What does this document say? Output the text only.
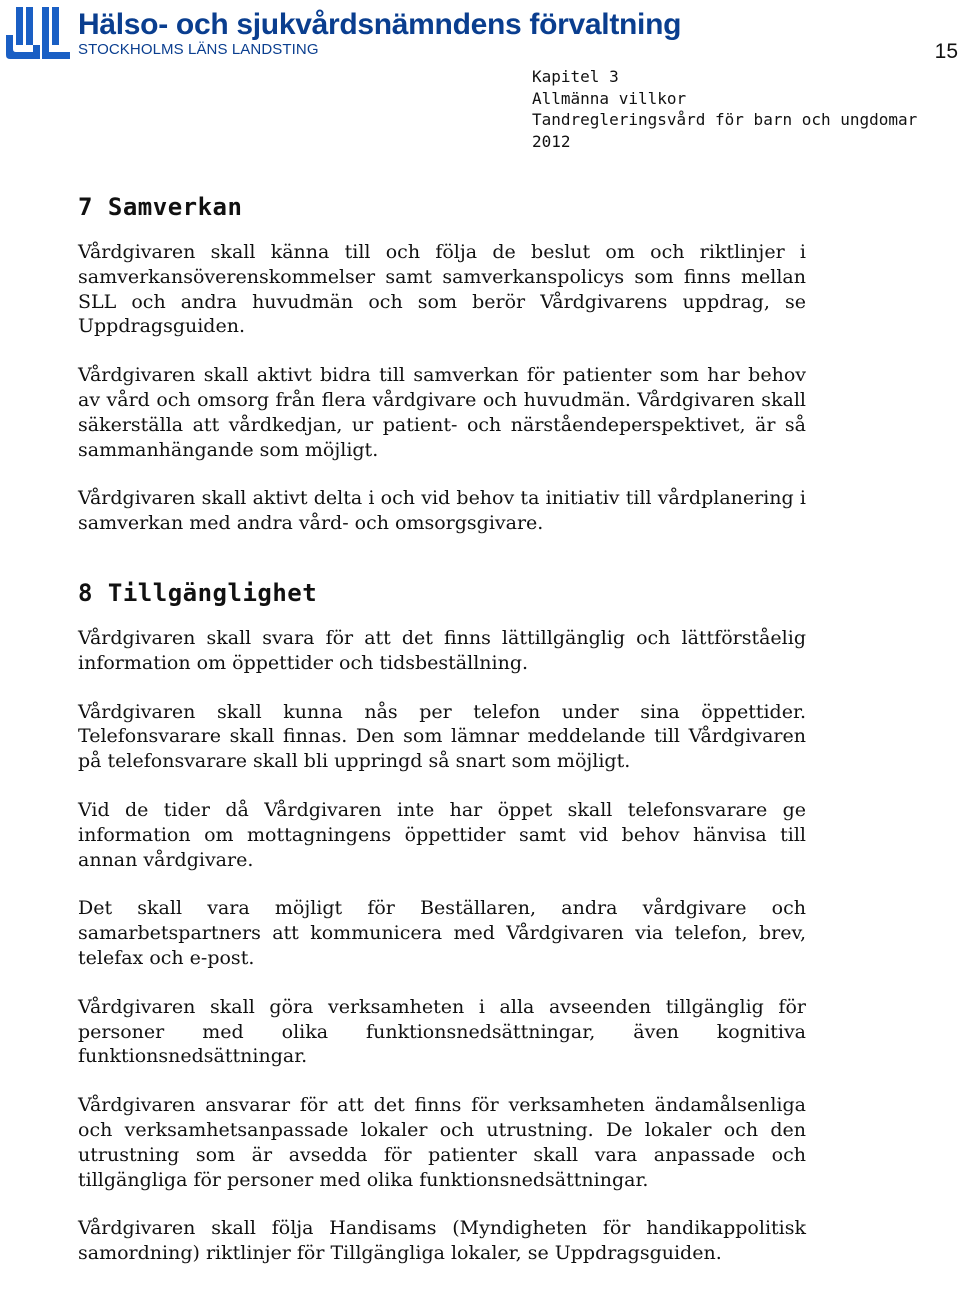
Hälso- och sjukvårdsnämndens förvaltning
STOCKHOLMS LÄNS LANDSTING	15
Kapitel 3
Allmänna villkor
Tandregleringsvård för barn och ungdomar
2012
7 Samverkan

Vårdgivaren skall känna till och följa de beslut om och riktlinjer i samverkansöverenskommelser samt samverkanspolicys som finns mellan SLL och andra huvudmän och som berör Vårdgivarens uppdrag, se Uppdragsguiden.

Vårdgivaren skall aktivt bidra till samverkan för patienter som har behov av vård och omsorg från flera vårdgivare och huvudmän. Vårdgivaren skall säkerställa att vårdkedjan, ur patient- och närståendeperspektivet, är så sammanhängande som möjligt.

Vårdgivaren skall aktivt delta i och vid behov ta initiativ till vårdplanering i samverkan med andra vård- och omsorgsgivare.

8 Tillgänglighet

Vårdgivaren skall svara för att det finns lättillgänglig och lättförståelig information om öppettider och tidsbeställning.

Vårdgivaren skall kunna nås per telefon under sina öppettider. Telefonsvarare skall finnas. Den som lämnar meddelande till Vårdgivaren på telefonsvarare skall bli uppringd så snart som möjligt.

Vid de tider då Vårdgivaren inte har öppet skall telefonsvarare ge information om mottagningens öppettider samt vid behov hänvisa till annan vårdgivare.

Det skall vara möjligt för Beställaren, andra vårdgivare och samarbetspartners att kommunicera med Vårdgivaren via telefon, brev, telefax och e-post.

Vårdgivaren skall göra verksamheten i alla avseenden tillgänglig för personer med olika funktionsnedsättningar, även kognitiva funktionsnedsättningar.

Vårdgivaren ansvarar för att det finns för verksamheten ändamålsenliga och verksamhetsanpassade lokaler och utrustning. De lokaler och den utrustning som är avsedda för patienter skall vara anpassade och tillgängliga för personer med olika funktionsnedsättningar.

Vårdgivaren skall följa Handisams (Myndigheten för handikappolitisk samordning) riktlinjer för Tillgängliga lokaler, se Uppdragsguiden.
